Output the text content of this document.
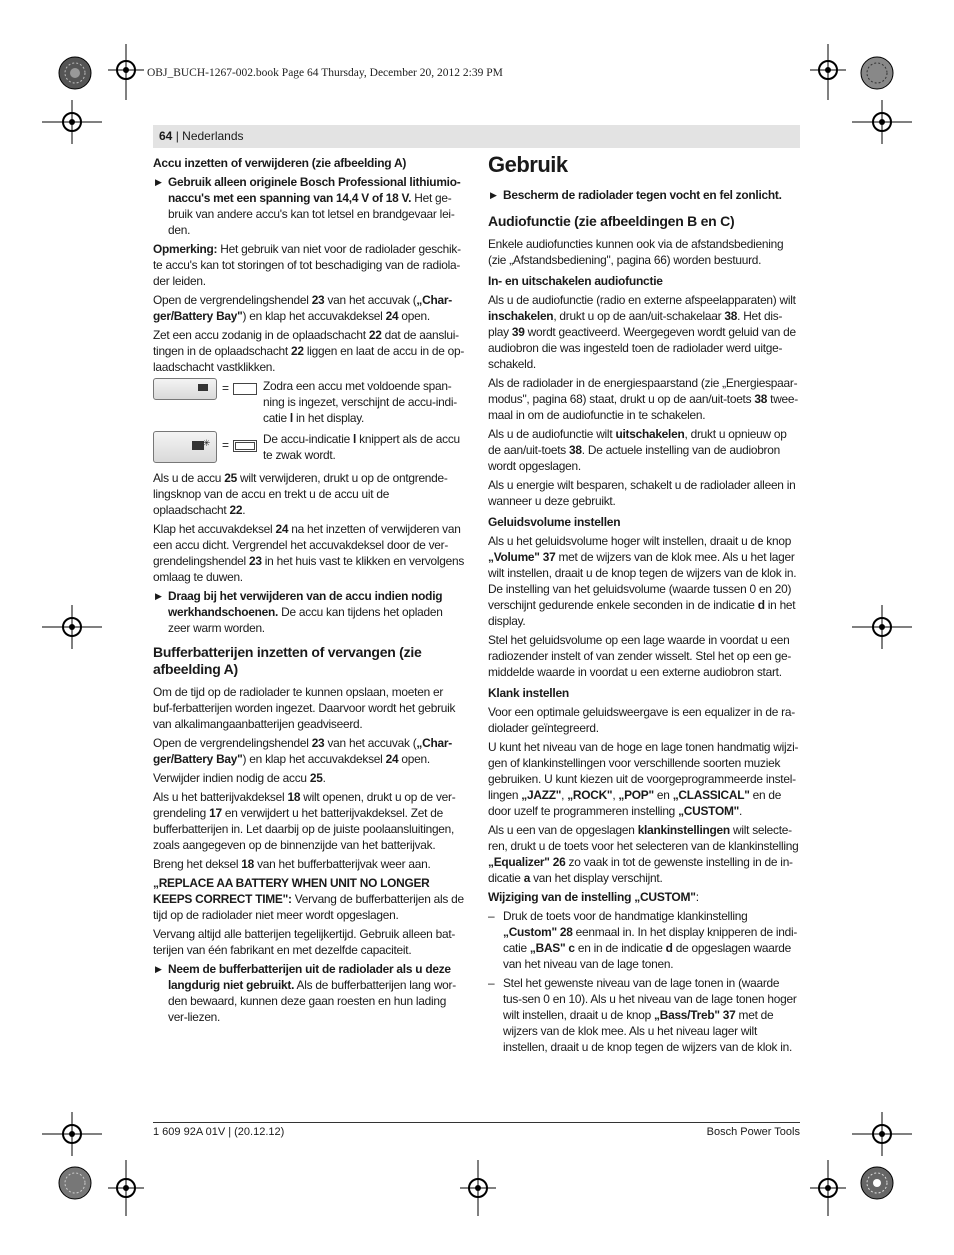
OBJ_BUCH-1267-002.book Page 64 Thursday, December 20, 2012 2:39 PM
64 | Nederlands
Accu inzetten of verwijderen (zie afbeelding A)
▶ Gebruik alleen originele Bosch Professional lithiumio-naccu's met een spanning van 14,4 V of 18 V. Het ge-bruik van andere accu's kan tot letsel en brandgevaar lei-den.

Opmerking: Het gebruik van niet voor de radiolader geschik-te accu's kan tot storingen of tot beschadiging van de radiola-der leiden.

Open de vergrendelingshendel 23 van het accuvak („Char-ger/Battery Bay") en klap het accuvakdeksel 24 open.

Zet een accu zodanig in de oplaadschacht 22 dat de aanslui-tingen in de oplaadschacht 22 liggen en laat de accu in de op-laadschacht vastklikken.

=	Zodra een accu met voldoende span-ning is ingezet, verschijnt de accu-indi-catie l in het display.
✳ =	De accu-indicatie l knippert als de accu te zwak wordt.

Als u de accu 25 wilt verwijderen, drukt u op de ontgrende-lingsknop van de accu en trekt u de accu uit de oplaadschacht 22.

Klap het accuvakdeksel 24 na het inzetten of verwijderen van een accu dicht. Vergrendel het accuvakdeksel door de ver-grendelingshendel 23 in het huis vast te klikken en vervolgens omlaag te duwen.

▶ Draag bij het verwijderen van de accu indien nodig werkhandschoenen. De accu kan tijdens het opladen zeer warm worden.
Bufferbatterijen inzetten of vervangen (zie afbeelding A)

Om de tijd op de radiolader te kunnen opslaan, moeten er buf-ferbatterijen worden ingezet. Daarvoor wordt het gebruik van alkalimangaanbatterijen geadviseerd.

Open de vergrendelingshendel 23 van het accuvak („Char-ger/Battery Bay") en klap het accuvakdeksel 24 open.

Verwijder indien nodig de accu 25.

Als u het batterijvakdeksel 18 wilt openen, drukt u op de ver-grendeling 17 en verwijdert u het batterijvakdeksel. Zet de bufferbatterijen in. Let daarbij op de juiste poolaansluitingen, zoals aangegeven op de binnenzijde van het batterijvak.

Breng het deksel 18 van het bufferbatterijvak weer aan.

„REPLACE AA BATTERY WHEN UNIT NO LONGER KEEPS CORRECT TIME": Vervang de bufferbatterijen als de tijd op de radiolader niet meer wordt opgeslagen.

Vervang altijd alle batterijen tegelijkertijd. Gebruik alleen bat-terijen van één fabrikant en met dezelfde capaciteit.

▶ Neem de bufferbatterijen uit de radiolader als u deze langdurig niet gebruikt. Als de bufferbatterijen lang wor-den bewaard, kunnen deze gaan roesten en hun lading ver-liezen.
Gebruik
▶ Bescherm de radiolader tegen vocht en fel zonlicht.
Audiofunctie (zie afbeeldingen B en C)

Enkele audiofuncties kunnen ook via de afstandsbediening (zie „Afstandsbediening", pagina 66) worden bestuurd.

In- en uitschakelen audiofunctie

Als u de audiofunctie (radio en externe afspeelapparaten) wilt inschakelen, drukt u op de aan/uit-schakelaar 38. Het dis-play 39 wordt geactiveerd. Weergegeven wordt geluid van de audiobron die was ingesteld toen de radiolader werd uitge-schakeld.

Als de radiolader in de energiespaarstand (zie „Energiespaar-modus", pagina 68) staat, drukt u op de aan/uit-toets 38 twee-maal in om de audiofunctie in te schakelen.

Als u de audiofunctie wilt uitschakelen, drukt u opnieuw op de aan/uit-toets 38. De actuele instelling van de audiobron wordt opgeslagen.

Als u energie wilt besparen, schakelt u de radiolader alleen in wanneer u deze gebruikt.

Geluidsvolume instellen

Als u het geluidsvolume hoger wilt instellen, draait u de knop „Volume" 37 met de wijzers van de klok mee. Als u het lager wilt instellen, draait u de knop tegen de wijzers van de klok in. De instelling van het geluidsvolume (waarde tussen 0 en 20) verschijnt gedurende enkele seconden in de indicatie d in het display.

Stel het geluidsvolume op een lage waarde in voordat u een radiozender instelt of van zender wisselt. Stel het op een ge-middelde waarde in voordat u een externe audiobron start.

Klank instellen

Voor een optimale geluidsweergave is een equalizer in de ra-diolader geïntegreerd.

U kunt het niveau van de hoge en lage tonen handmatig wijzi-gen of klankinstellingen voor verschillende soorten muziek gebruiken. U kunt kiezen uit de voorgeprogrammeerde instel-lingen „JAZZ", „ROCK", „POP" en „CLASSICAL" en de door uzelf te programmeren instelling „CUSTOM".

Als u een van de opgeslagen klankinstellingen wilt selecte-ren, drukt u de toets voor het selecteren van de klankinstelling „Equalizer" 26 zo vaak in tot de gewenste instelling in de in-dicatie a van het display verschijnt.

Wijziging van de instelling „CUSTOM":
– Druk de toets voor de handmatige klankinstelling „Custom" 28 eenmaal in. In het display knipperen de indi-catie „BAS" c en in de indicatie d de opgeslagen waarde van het niveau van de lage tonen.
– Stel het gewenste niveau van de lage tonen in (waarde tus-sen 0 en 10). Als u het niveau van de lage tonen hoger wilt instellen, draait u de knop „Bass/Treb" 37 met de wijzers van de klok mee. Als u het niveau lager wilt instellen, draait u de knop tegen de wijzers van de klok in.
1 609 92A 01V | (20.12.12)	Bosch Power Tools
